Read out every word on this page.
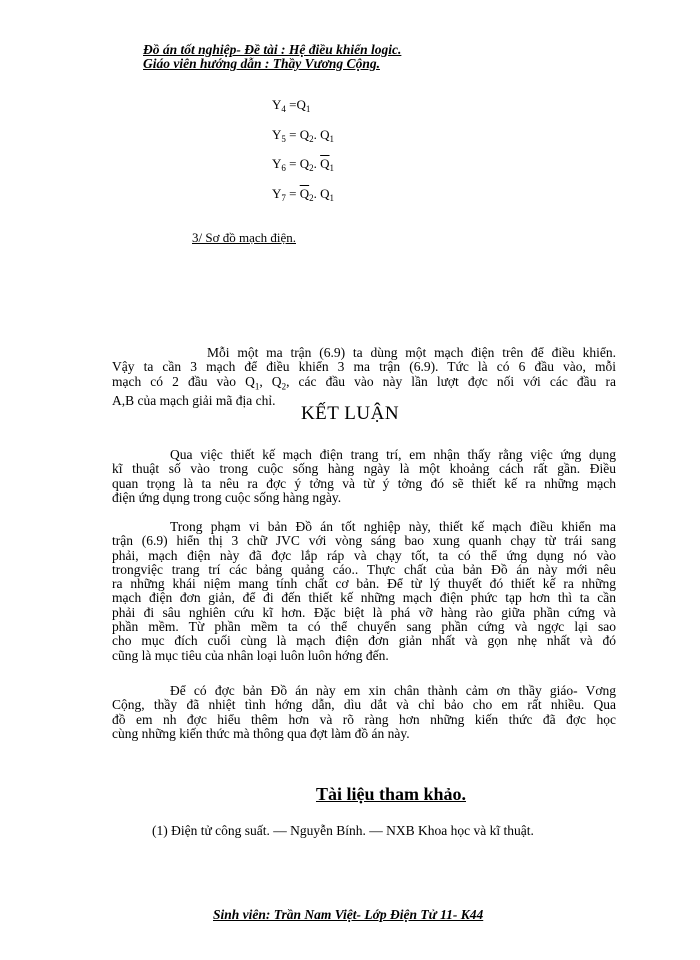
Đồ án tốt nghiệp- Đề tài : Hệ điều khiển logic.
Giáo viên hướng dẫn : Thầy Vương Cộng.
$Y_4 =Q_1$
$Y_5 = Q_2$. $Q_1$
$Y_6 = Q_2$. $\overline{Q}_1$
$Y_7 = \overline{Q}_2$. $Q_1$
3/ Sơ đồ mạch điện.
Mỗi một ma trận (6.9) ta dùng một mạch điện trên để điều khiển.
Vậy ta cần 3 mạch để điều khiển 3 ma trận (6.9). Tức là có 6 đầu vào, mỗi
mạch có 2 đầu vào $Q_1$, $Q_2$, các đầu vào này lần lượt đợc nối với các đầu ra
A,B của mạch giải mã địa chỉ.
KẾT LUẬN
Qua việc thiết kế mạch điện trang trí, em nhận thấy rằng việc ứng dụng
kĩ thuật số vào trong cuộc sống hàng ngày là một khoảng cách rất gần. Điều
quan trọng là ta nêu ra đợc ý tởng và từ ý tởng đó sẽ thiết kế ra những mạch
điện ứng dụng trong cuộc sống hàng ngày.
Trong phạm vi bản Đồ án tốt nghiệp này, thiết kế mạch điều khiển ma
trận (6.9) hiển thị 3 chữ JVC với vòng sáng bao xung quanh chạy từ trái sang
phải, mạch điện này đã đợc lắp ráp và chạy tốt, ta có thể ứng dụng nó vào
trongviệc trang trí các bảng quảng cáo.. Thực chất của bản Đồ án này mới nêu
ra những khái niệm mang tính chất cơ bản. Để từ lý thuyết đó thiết kế ra những
mạch điện đơn giản, để đi đến thiết kế những mạch điện phức tạp hơn thì ta cần
phải đi sâu nghiên cứu kĩ hơn. Đặc biệt là phá vỡ hàng rào giữa phần cứng và
phần mềm. Từ phần mềm ta có thể chuyển sang phần cứng và ngợc lại sao
cho mục đích cuối cùng là mạch điện đơn giản nhất và gọn nhẹ nhất và đó
cũng là mục tiêu của nhân loại luôn luôn hớng đến.
Để có đợc bản Đồ án này em xin chân thành cảm ơn thầy giáo- Vơng
Cộng, thầy đã nhiệt tình hớng dẫn, dìu dắt và chỉ bảo cho em rất nhiều. Qua
đồ em nh đợc hiểu thêm hơn và rõ ràng hơn những kiến thức đã đợc học
cùng những kiến thức mà thông qua đợt làm đồ án này.
Tài liệu tham khảo.
(1) Điện tử công suất. — Nguyễn Bính. — NXB Khoa học và kĩ thuật.
Sinh viên: Trần Nam Việt- Lớp Điện Tử 11- K44
